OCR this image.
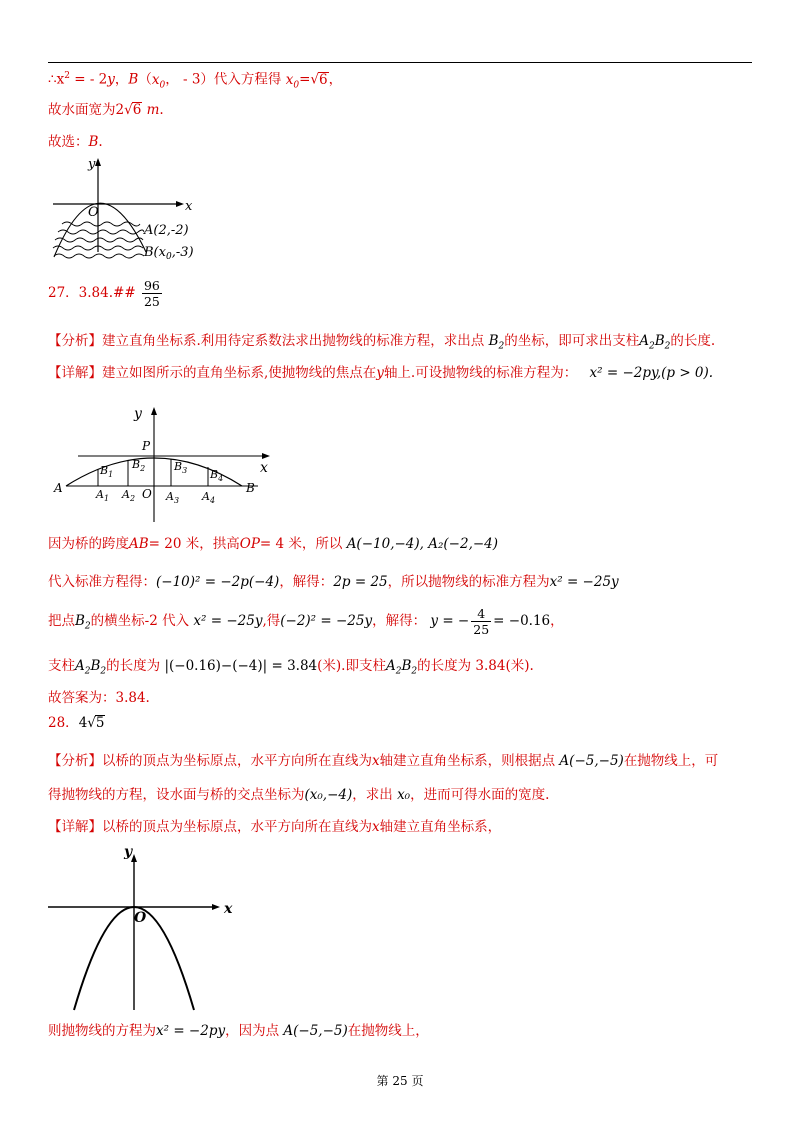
$\therefore x^2$ = - 2y，$B(x_0$， - 3）代入方程得 $x_0=√6$，
故水面宽为2√6 m.
故选：B.
y
x
O
A(2,-2)
$B(x_0,-3)$
27．3.84.## $\frac{96}{25}$
【分析】建立直角坐标系.利用待定系数法求出抛物线的标准方程，求出点 $B_2$的坐标，即可求出支柱$A_2B_2$的长度.
【详解】建立如图所示的直角坐标系,使抛物线的焦点在y轴上.可设抛物线的标准方程为： x² = −2py,(p > 0).
y
x
P
O
A	B
$B_1$
$B_2$	$B_3$ $B_4$
$A_1$ $A_2$	$A_3$ $A_4$
因为桥的跨度AB= 20 米，拱高OP= 4 米，所以 A(−10,−4), A₂(−2,−4)
代入标准方程得：(−10)² = −2p(−4)，解得：2p = 25，所以抛物线的标准方程为x² = −25y
把点$B_2$的横坐标-2 代入 x² = −25y,得(−2)² = −25y，解得： y = − $\frac{4}{25} = -0.16$，
支柱$A_2B_2$的长度为 |(−0.16)−(−4)| = 3.84(米).即支柱$A_2B_2$的长度为 3.84(米).
故答案为：3.84.
28．4√5
【分析】以桥的顶点为坐标原点，水平方向所在直线为x轴建立直角坐标系，则根据点 A(−5,−5)在抛物线上，可
得抛物线的方程，设水面与桥的交点坐标为(x₀,−4)，求出 x₀，进而可得水面的宽度.
【详解】以桥的顶点为坐标原点，水平方向所在直线为x轴建立直角坐标系，
y
x
O
则抛物线的方程为x² = −2py，因为点 A(−5,−5)在抛物线上，
第 25 页
